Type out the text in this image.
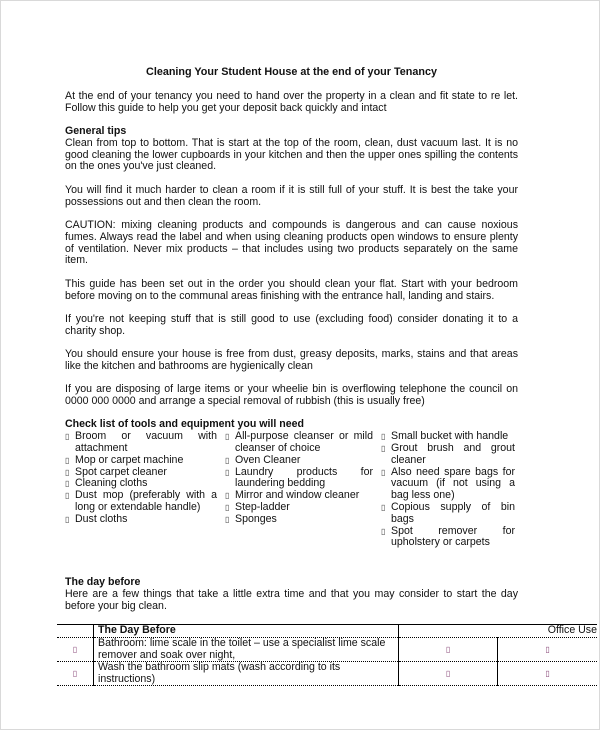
Cleaning Your Student House at the end of your Tenancy

At the end of your tenancy you need to hand over the property in a clean and fit state to re let. Follow this guide to help you get your deposit back quickly and intact

General tips

Clean from top to bottom. That is start at the top of the room, clean, dust vacuum last. It is no good cleaning the lower cupboards in your kitchen and then the upper ones spilling the contents on the ones you've just cleaned.

You will find it much harder to clean a room if it is still full of your stuff. It is best the take your possessions out and then clean the room.

CAUTION: mixing cleaning products and compounds is dangerous and can cause noxious fumes. Always read the label and when using cleaning products open windows to ensure plenty of ventilation. Never mix products – that includes using two products separately on the same item.

This guide has been set out in the order you should clean your flat. Start with your bedroom before moving on to the communal areas finishing with the entrance hall, landing and stairs.

If you're not keeping stuff that is still good to use (excluding food) consider donating it to a charity shop.

You should ensure your house is free from dust, greasy deposits, marks, stains and that areas like the kitchen and bathrooms are hygienically clean

If you are disposing of large items or your wheelie bin is overflowing telephone the council on 0000 000 0000 and arrange a special removal of rubbish (this is usually free)

Check list of tools and equipment you will need
▯ Broom or vacuum with attachment
▯ Mop or carpet machine
▯ Spot carpet cleaner
▯ Cleaning cloths
▯ Dust mop (preferably with a long or extendable handle)
▯ Dust cloths
▯ All-purpose cleanser or mild cleanser of choice
▯ Oven Cleaner
▯ Laundry products for laundering bedding
▯ Mirror and window cleaner
▯ Step-ladder
▯ Sponges
▯ Small bucket with handle
▯ Grout brush and grout cleaner
▯ Also need spare bags for vacuum (if not using a bag less one)
▯ Copious supply of bin bags
▯ Spot remover for upholstery or carpets
The day before
Here are a few things that take a little extra time and that you may consider to start the day before your big clean.
	The Day Before	Office Use	
▯	Bathroom: lime scale in the toilet – use a specialist lime scale remover and soak over night,	▯	▯
▯	Wash the bathroom slip mats (wash according to its instructions)	▯	▯
